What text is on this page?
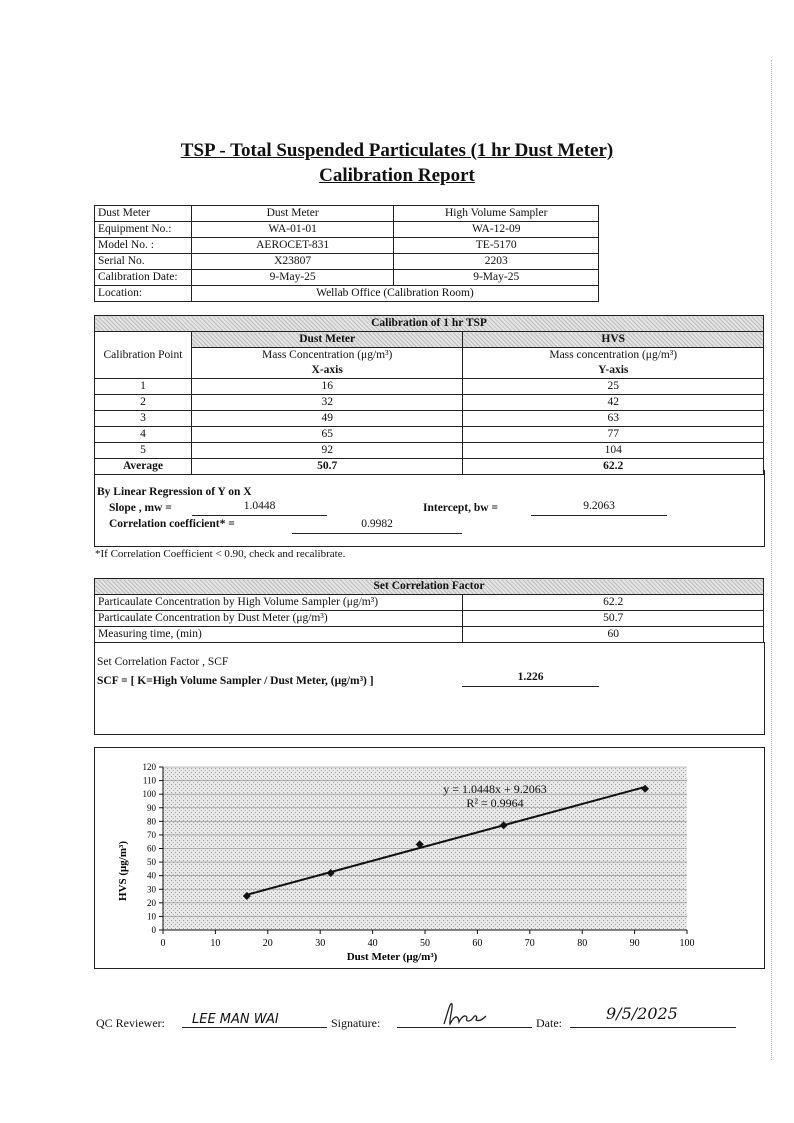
TSP - Total Suspended Particulates (1 hr Dust Meter)
Calibration Report
Dust Meter	Dust Meter	High Volume Sampler
Equipment No.:	WA-01-01	WA-12-09
Model No. :	AEROCET-831	TE-5170
Serial No.	X23807	2203
Calibration Date:	9-May-25	9-May-25
Location:	Wellab Office (Calibration Room)	
Calibration of 1 hr TSP		
Calibration Point	Dust Meter	HVS
	Mass Concentration (μg/m³)	Mass concentration (μg/m³)
	X-axis	Y-axis
1	16	25
2	32	42
3	49	63
4	65	77
5	92	104
Average	50.7	62.2
By Linear Regression of Y on X
Slope , mw =	1.0448	Intercept, bw =	9.2063
Correlation coefficient* =	0.9982
*If Correlation Coefficient < 0.90, check and recalibrate.
Set Correlation Factor	
Particaulate Concentration by High Volume Sampler (μg/m³)	62.2
Particaulate Concentration by Dust Meter (μg/m³)	50.7
Measuring time, (min)	60
Set Correlation Factor , SCF
SCF = [ K=High Volume Sampler / Dust Meter, (μg/m³) ]	1.226
0	10	20	30	40	50	60	70	80	90	100
0
10
20
30
40
50
60
70
80
90
100
110
120
y = 1.0448x + 9.2063
R² = 0.9964
Dust Meter (μg/m³)
HVS (μg/m³)
QC Reviewer: LEE MAN WAI	Signature:	Date:	9/5/2025
